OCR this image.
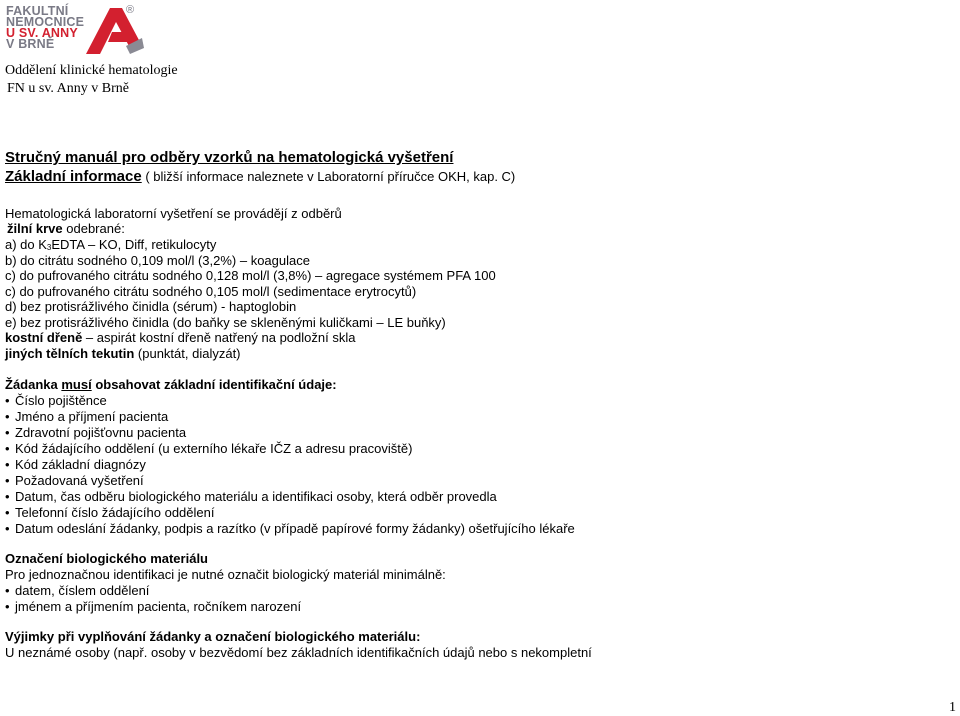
FAKULTNÍ
NEMOCNICE
U SV. ANNY
V BRNĚ
®
Oddělení klinické hematologie
FN u sv. Anny v Brně
Stručný manuál pro odběry vzorků na hematologická vyšetření
Základní informace ( bližší informace naleznete v Laboratorní příručce OKH, kap. C)
Hematologická laboratorní vyšetření se provádějí z odběrů
žilní krve odebrané:
a) do $K_3EDTA$ – KO, Diff, retikulocyty
b) do citrátu sodného 0,109 mol/l (3,2%) – koagulace
c) do pufrovaného citrátu sodného 0,128 mol/l (3,8%) – agregace systémem PFA 100
c) do pufrovaného citrátu sodného 0,105 mol/l (sedimentace erytrocytů)
d) bez protisrážlivého činidla (sérum) - haptoglobin
e) bez protisrážlivého činidla (do baňky se skleněnými kuličkami – LE buňky)
kostní dřeně – aspirát kostní dřeně natřený na podložní skla
jiných tělních tekutin (punktát, dialyzát)
Žádanka musí obsahovat základní identifikační údaje:
• Číslo pojištěnce
• Jméno a příjmení pacienta
• Zdravotní pojišťovnu pacienta
• Kód žádajícího oddělení (u externího lékaře IČZ a adresu pracoviště)
• Kód základní diagnózy
• Požadovaná vyšetření
• Datum, čas odběru biologického materiálu a identifikaci osoby, která odběr provedla
• Telefonní číslo žádajícího oddělení
• Datum odeslání žádanky, podpis a razítko (v případě papírové formy žádanky) ošetřujícího lékaře
Označení biologického materiálu
Pro jednoznačnou identifikaci je nutné označit biologický materiál minimálně:
• datem, číslem oddělení
• jménem a příjmením pacienta, ročníkem narození
Výjimky při vyplňování žádanky a označení biologického materiálu:
U neznámé osoby (např. osoby v bezvědomí bez základních identifikačních údajů nebo s nekompletní
1
